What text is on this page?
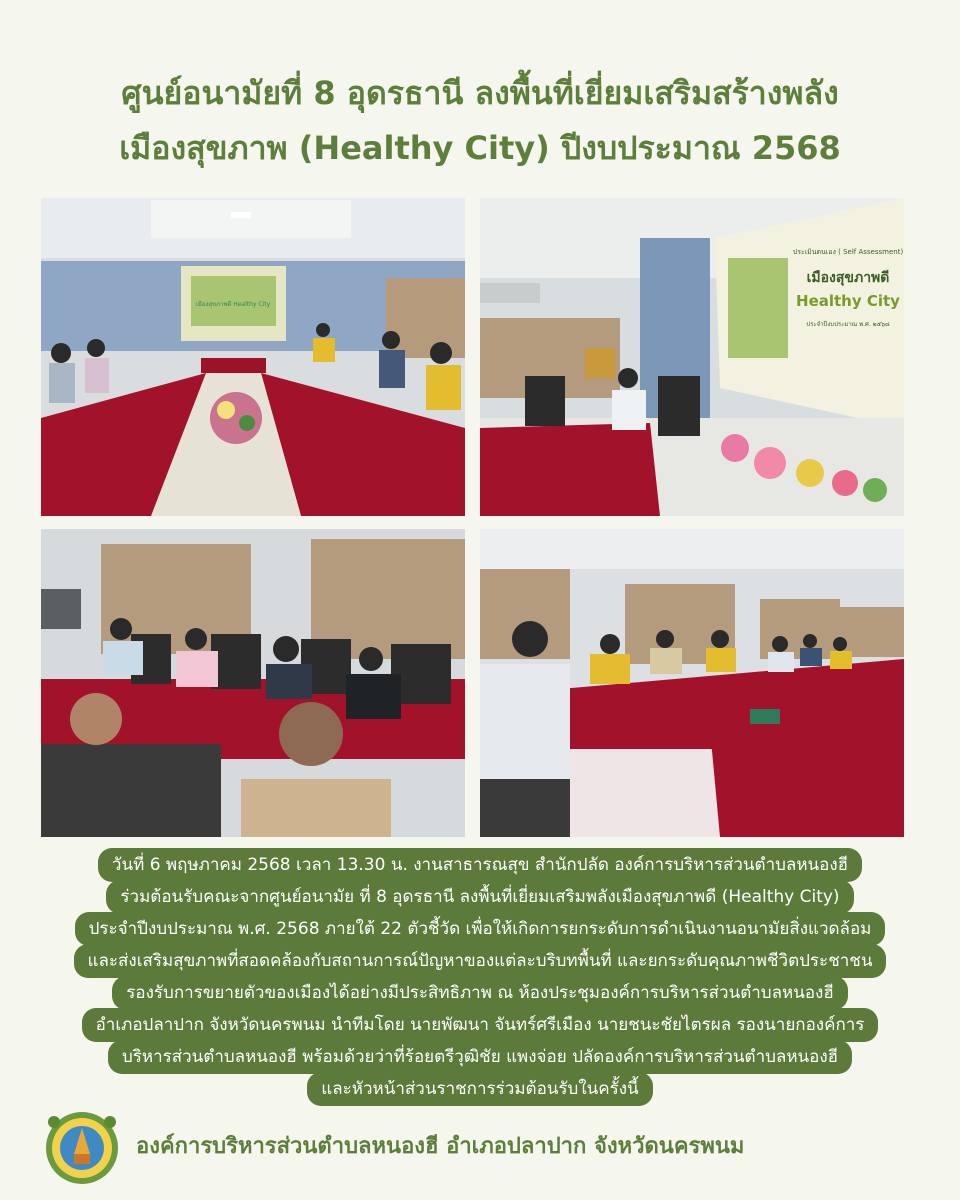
ศูนย์อนามัยที่ 8 อุดรธานี ลงพื้นที่เยี่ยมเสริมสร้างพลัง
เมืองสุขภาพ (Healthy City) ปีงบประมาณ 2568
เมืองสุขภาพดี Healthy City
ประเมินตนเอง ( Self Assessment)
เมืองสุขภาพดี
Healthy City
ประจำปีงบประมาณ พ.ศ. ๒๕๖๘
วันที่ 6 พฤษภาคม 2568 เวลา 13.30 น. งานสาธารณสุข สำนักปลัด องค์การบริหารส่วนตำบลหนองฮี
ร่วมต้อนรับคณะจากศูนย์อนามัย ที่ 8 อุดรธานี ลงพื้นที่เยี่ยมเสริมพลังเมืองสุขภาพดี (Healthy City)
ประจำปีงบประมาณ พ.ศ. 2568 ภายใต้ 22 ตัวชี้วัด เพื่อให้เกิดการยกระดับการดำเนินงานอนามัยสิ่งแวดล้อม
และส่งเสริมสุขภาพที่สอดคล้องกับสถานการณ์ปัญหาของแต่ละบริบทพื้นที่ และยกระดับคุณภาพชีวิตประชาชน
รองรับการขยายตัวของเมืองได้อย่างมีประสิทธิภาพ ณ ห้องประชุมองค์การบริหารส่วนตำบลหนองฮี
อำเภอปลาปาก จังหวัดนครพนม นำทีมโดย นายพัฒนา จันทร์ศรีเมือง นายชนะชัยไตรผล รองนายกองค์การ
บริหารส่วนตำบลหนองฮี พร้อมด้วยว่าที่ร้อยตรีวุฒิชัย แพงจ่อย ปลัดองค์การบริหารส่วนตำบลหนองฮี
และหัวหน้าส่วนราชการร่วมต้อนรับในครั้งนี้
องค์การบริหารส่วนตำบลหนองฮี อำเภอปลาปาก จังหวัดนครพนม
